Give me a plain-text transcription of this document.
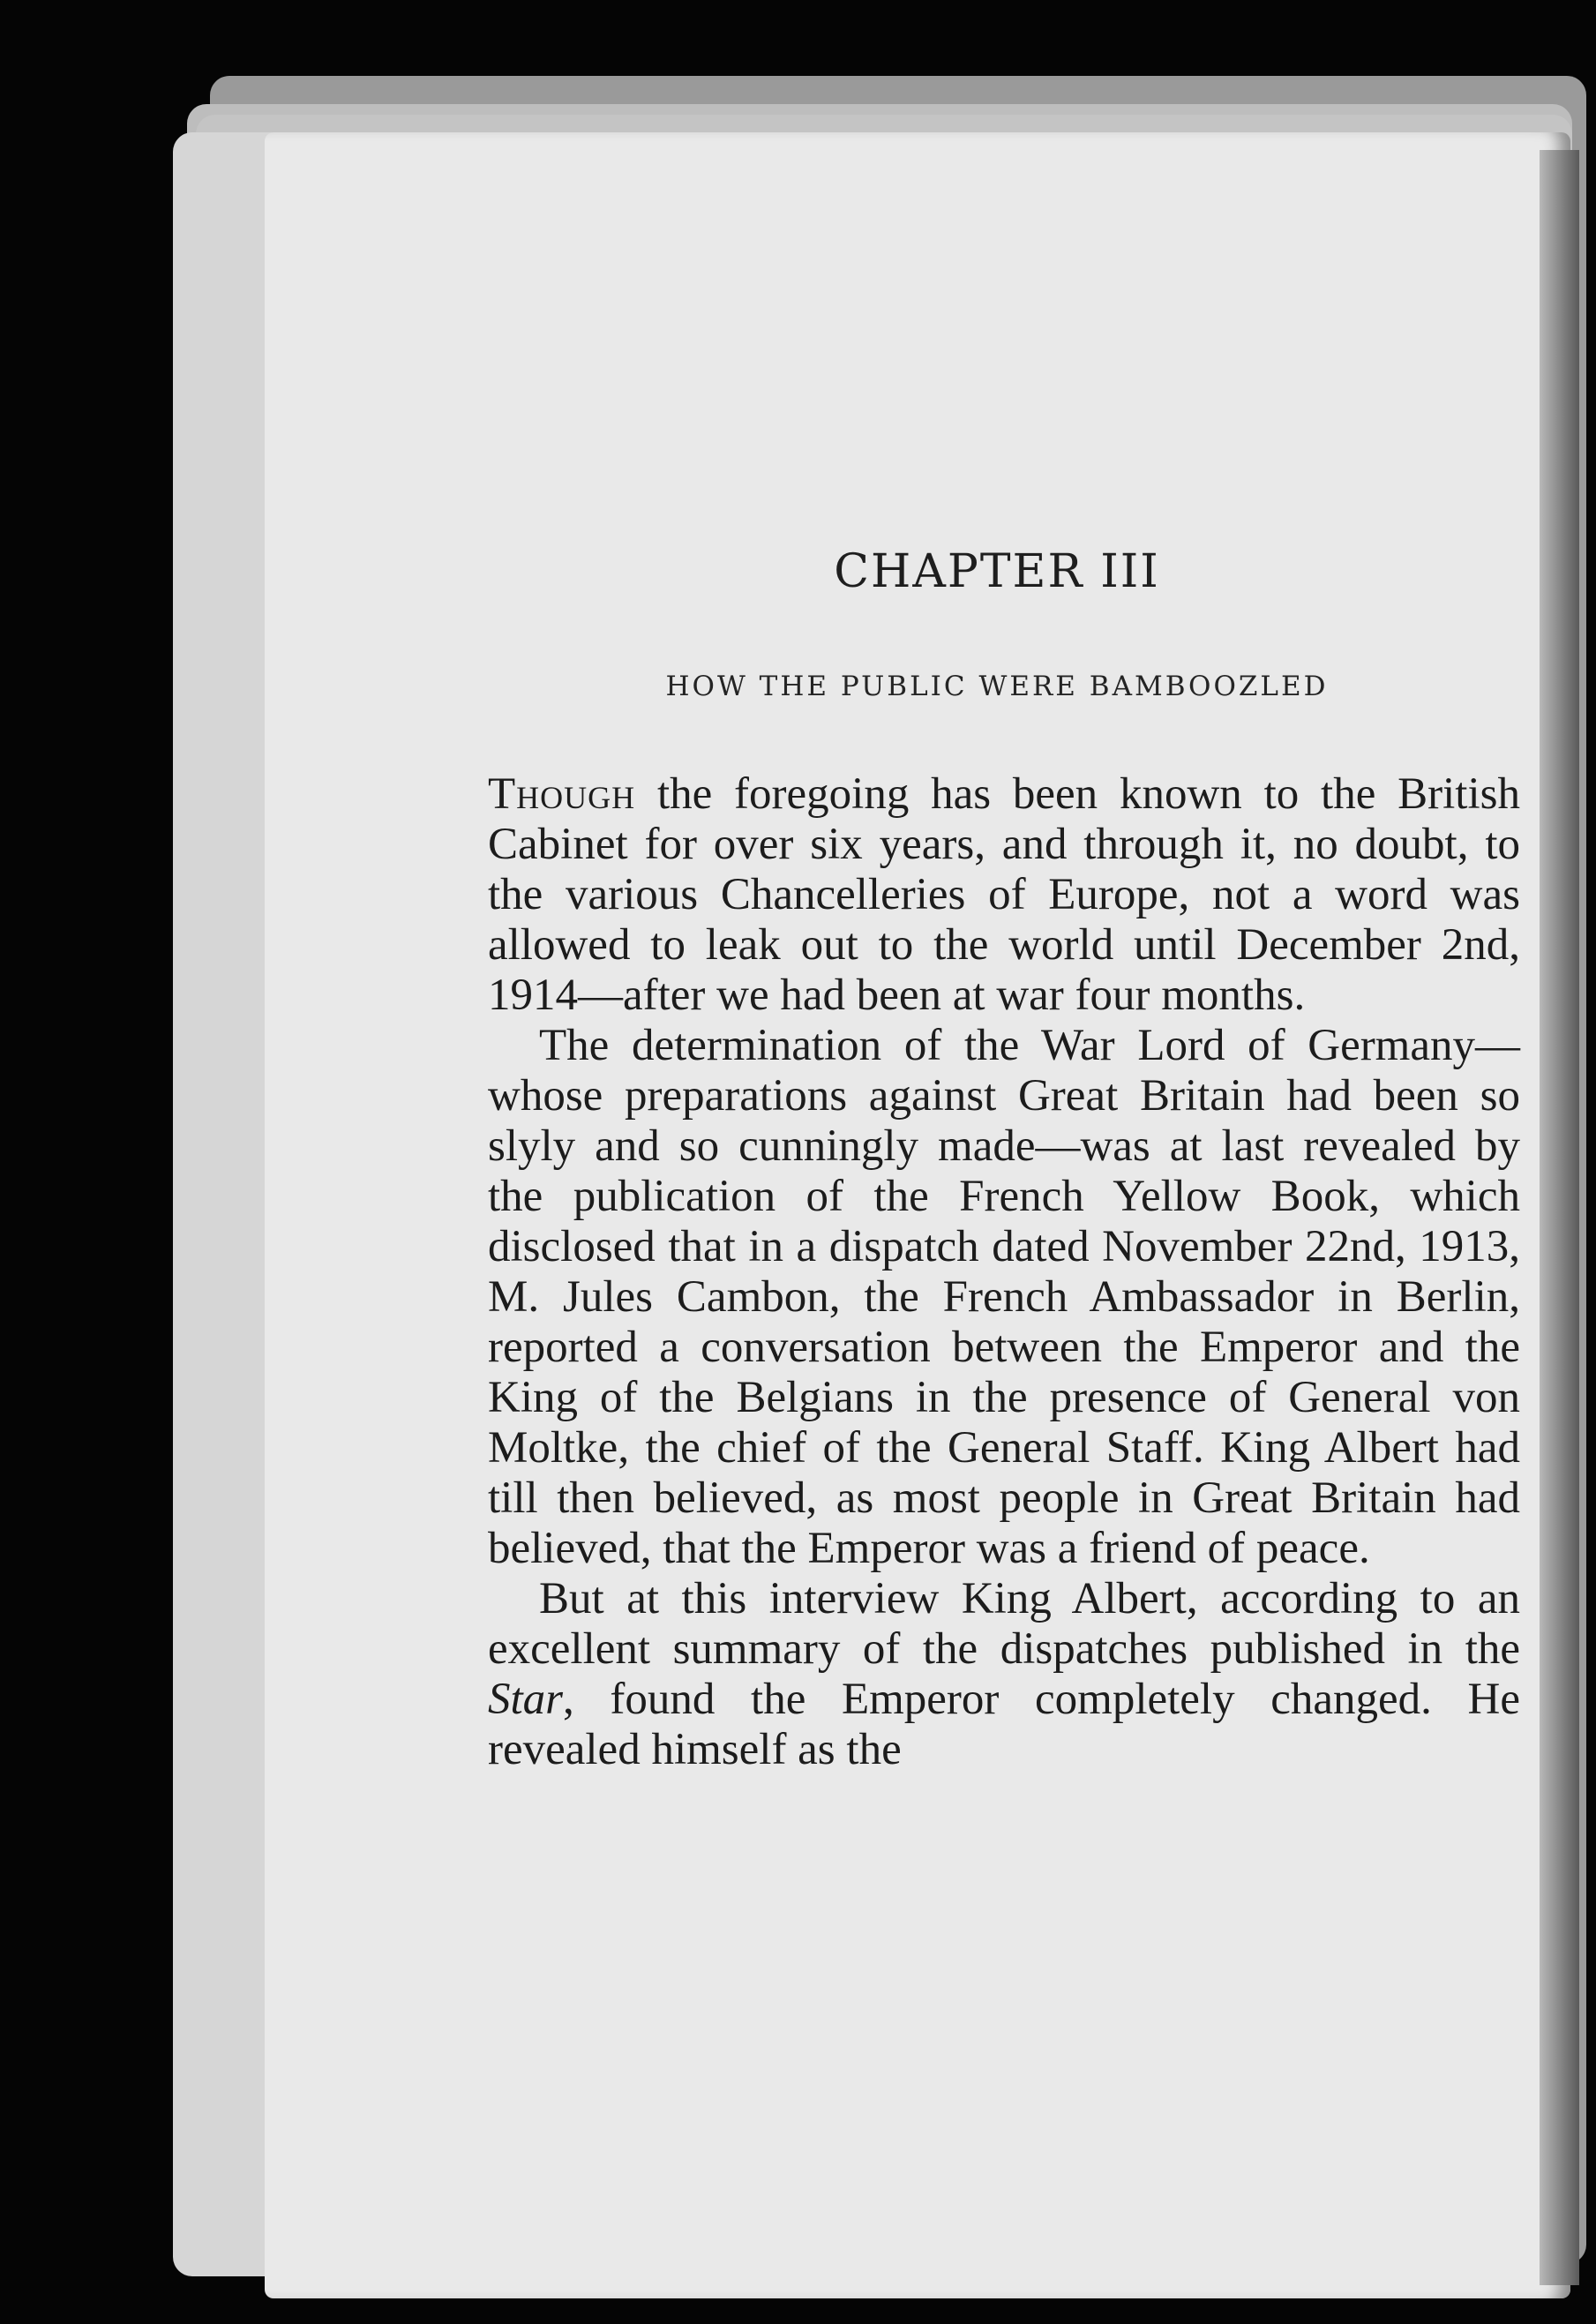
CHAPTER III
HOW THE PUBLIC WERE BAMBOOZLED

Though the foregoing has been known to the British Cabinet for over six years, and through it, no doubt, to the various Chancelleries of Europe, not a word was allowed to leak out to the world until December 2nd, 1914—after we had been at war four months.

The determination of the War Lord of Germany—whose preparations against Great Britain had been so slyly and so cunningly made—was at last revealed by the publication of the French Yellow Book, which disclosed that in a dispatch dated November 22nd, 1913, M. Jules Cambon, the French Ambassador in Berlin, reported a conversation between the Emperor and the King of the Belgians in the presence of General von Moltke, the chief of the General Staff. King Albert had till then believed, as most people in Great Britain had believed, that the Emperor was a friend of peace.

But at this interview King Albert, according to an excellent summary of the dispatches published in the Star, found the Emperor completely changed. He revealed himself as the
